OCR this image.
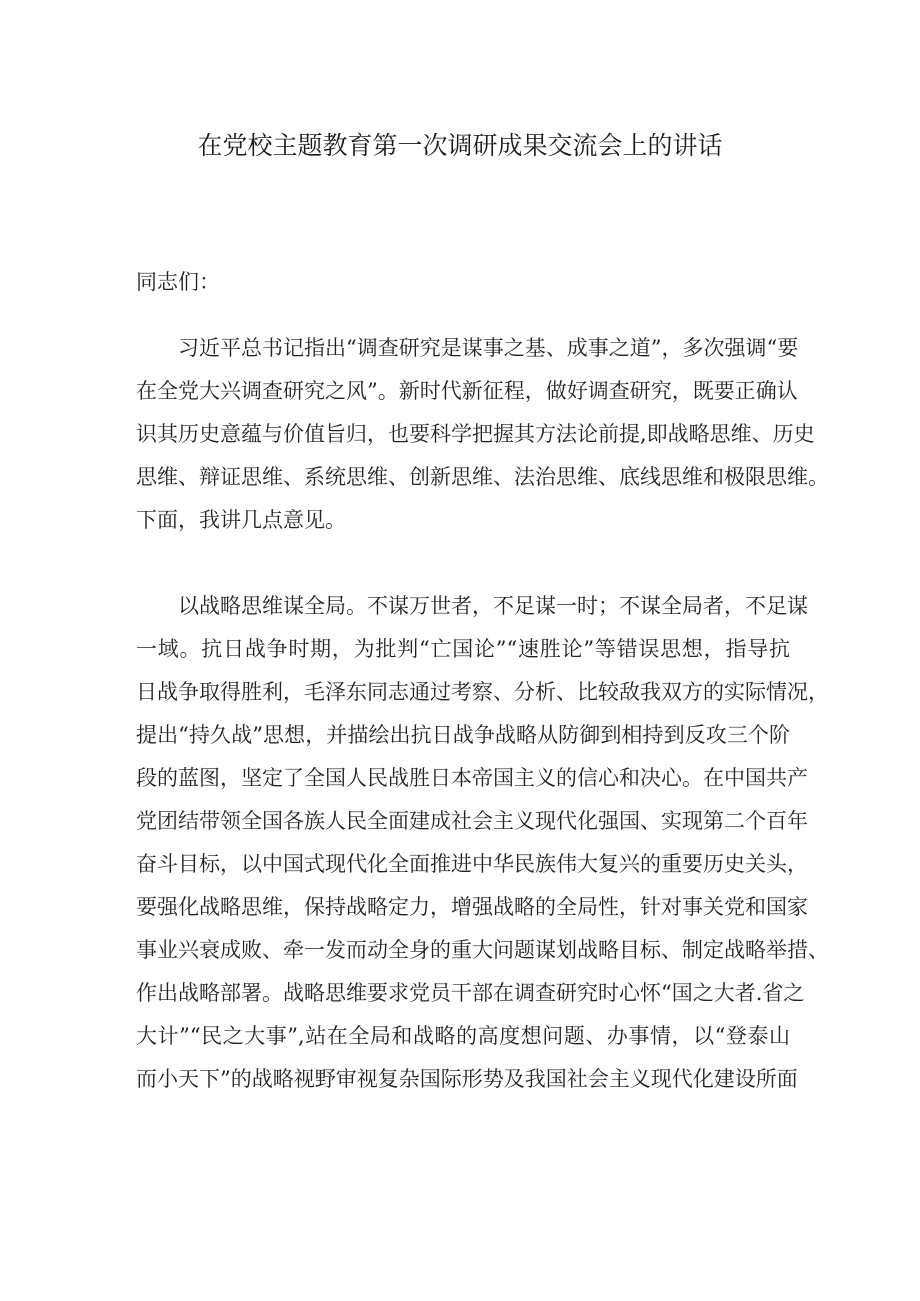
在党校主题教育第一次调研成果交流会上的讲话

同志们：

习近平总书记指出“调查研究是谋事之基、成事之道”，多次强调“要
在全党大兴调查研究之风”。新时代新征程，做好调查研究，既要正确认
识其历史意蕴与价值旨归，也要科学把握其方法论前提,即战略思维、历史
思维、辩证思维、系统思维、创新思维、法治思维、底线思维和极限思维。
下面，我讲几点意见。

以战略思维谋全局。不谋万世者，不足谋一时；不谋全局者，不足谋
一域。抗日战争时期，为批判“亡国论”“速胜论”等错误思想，指导抗
日战争取得胜利，毛泽东同志通过考察、分析、比较敌我双方的实际情况，
提出“持久战”思想，并描绘出抗日战争战略从防御到相持到反攻三个阶
段的蓝图，坚定了全国人民战胜日本帝国主义的信心和决心。在中国共产
党团结带领全国各族人民全面建成社会主义现代化强国、实现第二个百年
奋斗目标，以中国式现代化全面推进中华民族伟大复兴的重要历史关头，
要强化战略思维，保持战略定力，增强战略的全局性，针对事关党和国家
事业兴衰成败、牵一发而动全身的重大问题谋划战略目标、制定战略举措、
作出战略部署。战略思维要求党员干部在调查研究时心怀“国之大者.省之
大计”“民之大事”,站在全局和战略的高度想问题、办事情，以“登泰山
而小天下”的战略视野审视复杂国际形势及我国社会主义现代化建设所面
